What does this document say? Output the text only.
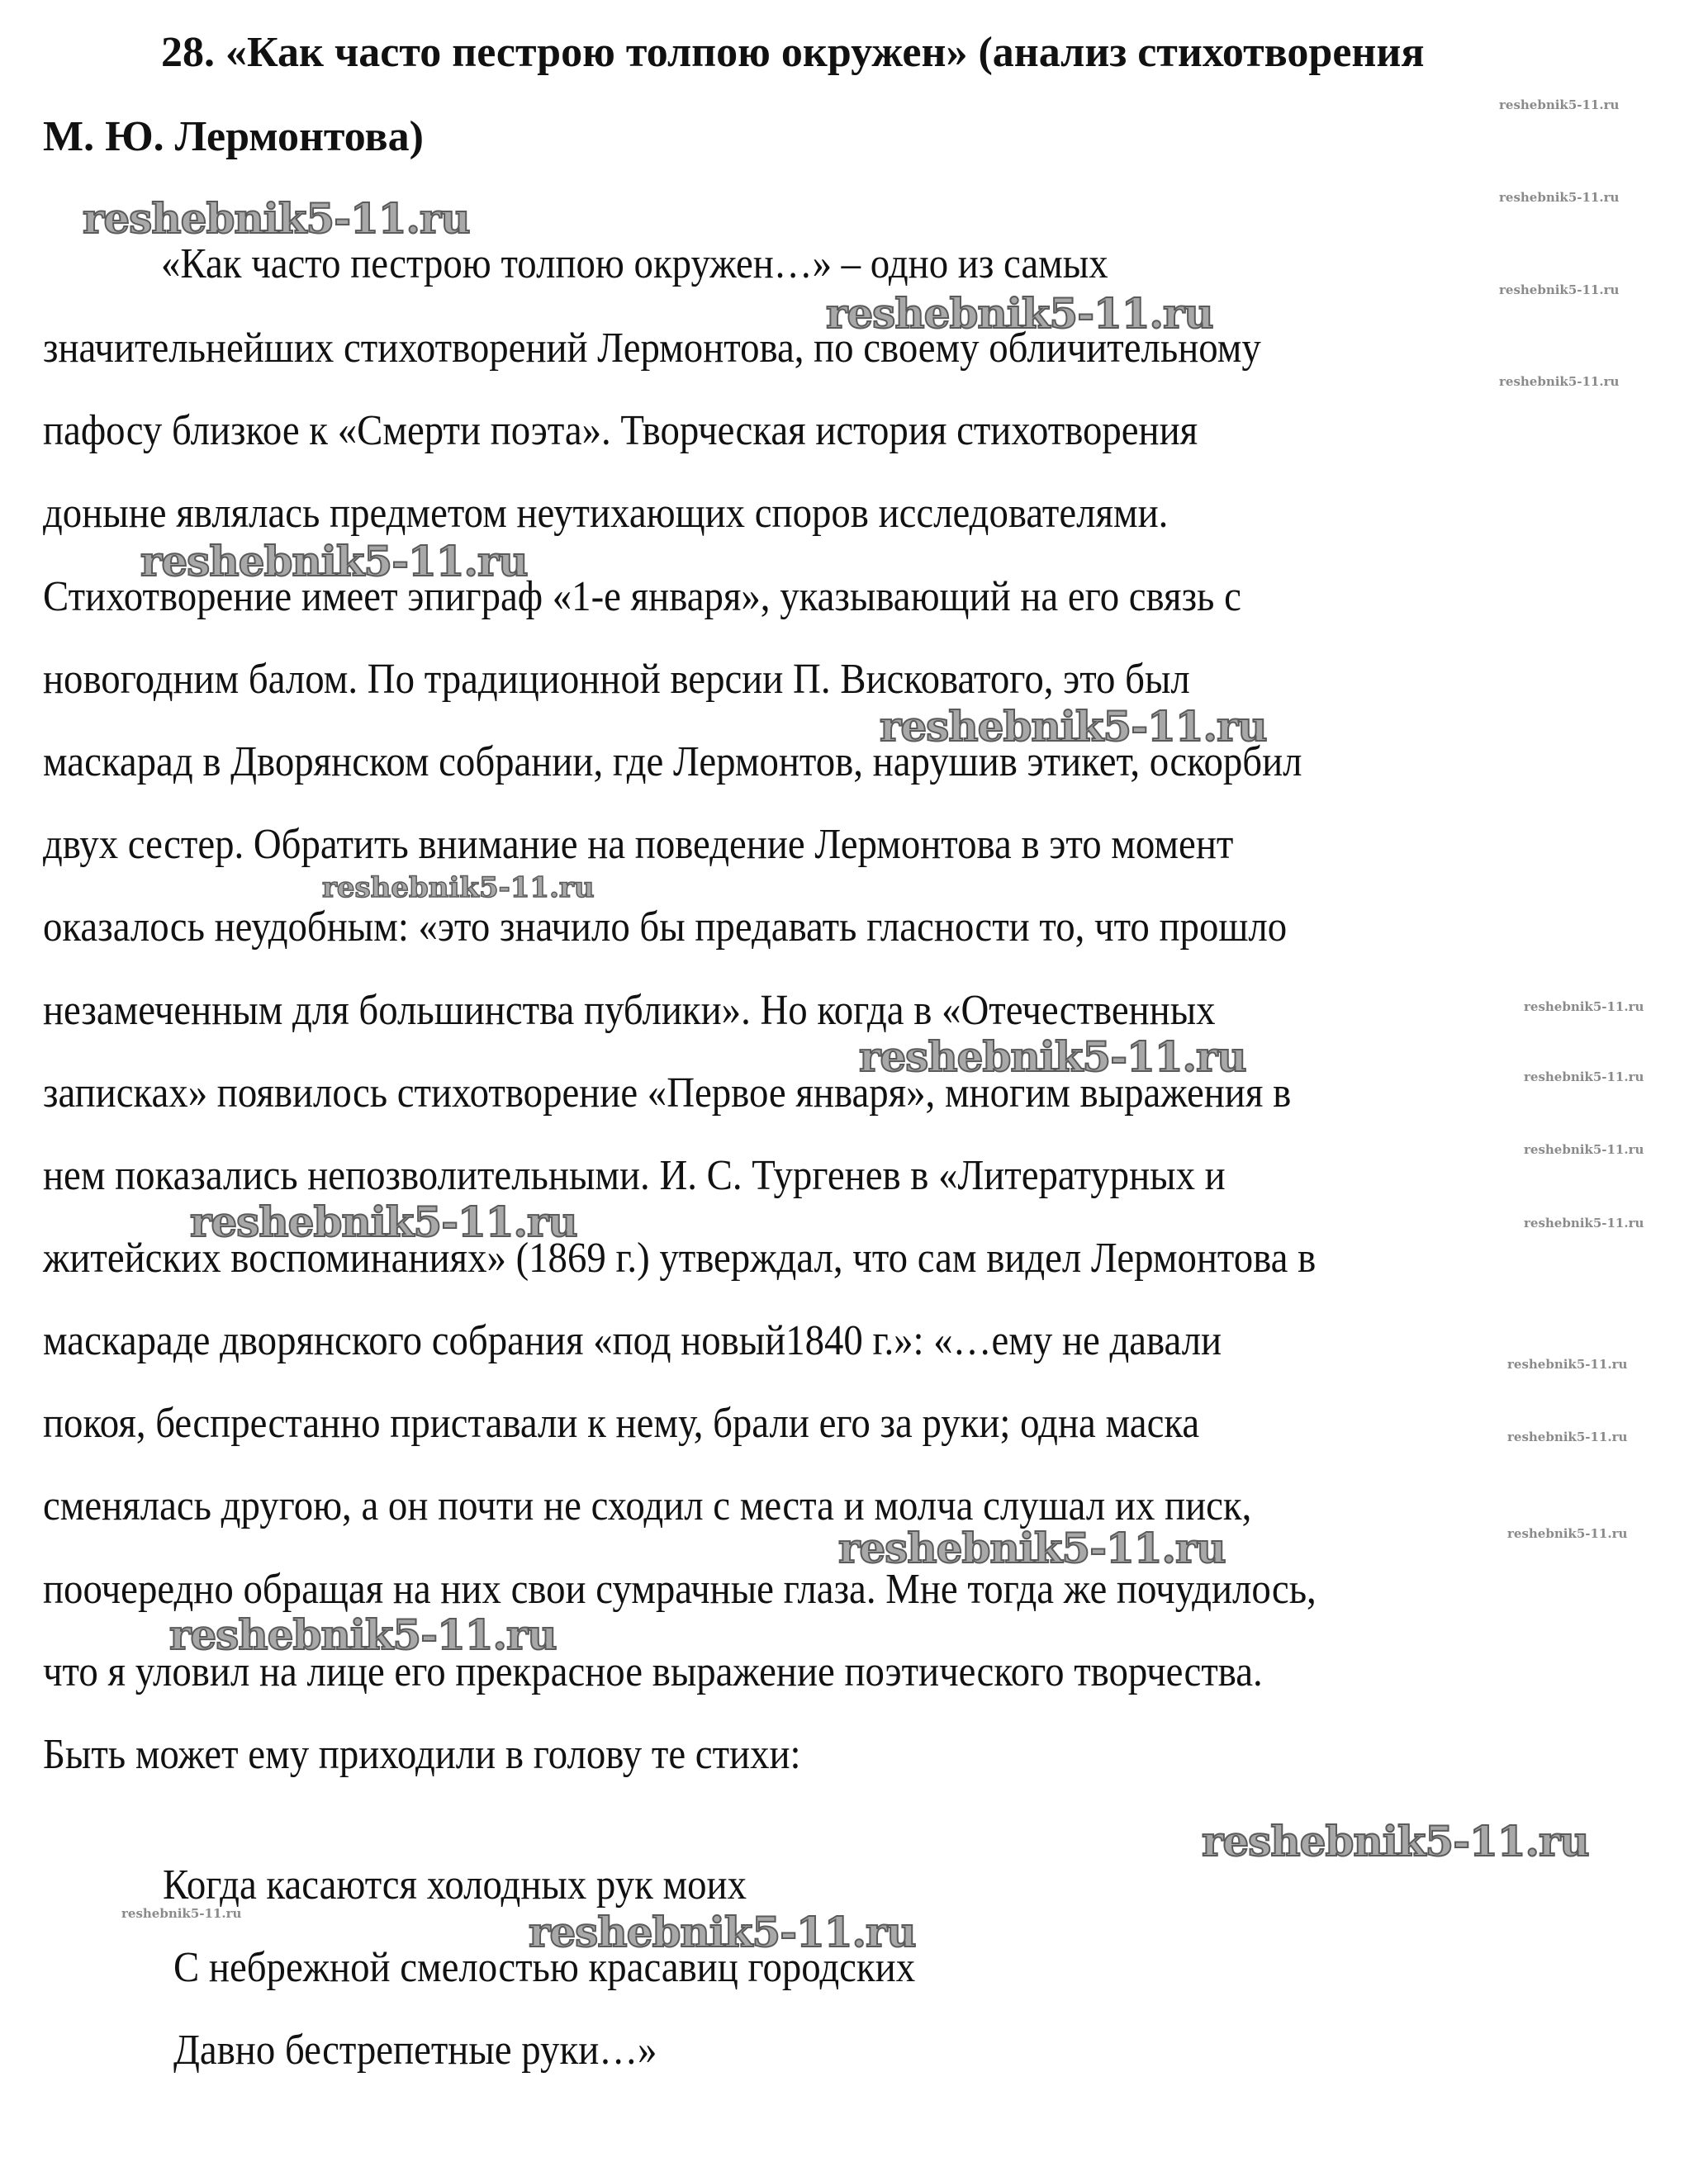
28. «Как часто пестрою толпою окружен» (анализ стихотворения
М. Ю. Лермонтова)

«Как часто пестрою толпою окружен…» – одно из самых

значительнейших стихотворений Лермонтова, по своему обличительному

пафосу близкое к «Смерти поэта». Творческая история стихотворения

доныне являлась предметом неутихающих споров исследователями.

Стихотворение имеет эпиграф «1-е января», указывающий на его связь с

новогодним балом. По традиционной версии П. Висковатого, это был

маскарад в Дворянском собрании, где Лермонтов, нарушив этикет, оскорбил

двух сестер. Обратить внимание на поведение Лермонтова в это момент

оказалось неудобным: «это значило бы предавать гласности то, что прошло

незамеченным для большинства публики». Но когда в «Отечественных

записках» появилось стихотворение «Первое января», многим выражения в

нем показались непозволительными. И. С. Тургенев в «Литературных и

житейских воспоминаниях» (1869 г.) утверждал, что сам видел Лермонтова в

маскараде дворянского собрания «под новый1840 г.»: «…ему не давали

покоя, беспрестанно приставали к нему, брали его за руки; одна маска

сменялась другою, а он почти не сходил с места и молча слушал их писк,

поочередно обращая на них свои сумрачные глаза. Мне тогда же почудилось,

что я уловил на лице его прекрасное выражение поэтического творчества.

Быть может ему приходили в голову те стихи:

Когда касаются холодных рук моих

С небрежной смелостью красавиц городских

Давно бестрепетные руки…»

reshebnik5-11.ru
reshebnik5-11.ru
reshebnik5-11.ru
reshebnik5-11.ru
reshebnik5-11.ru
reshebnik5-11.ru
reshebnik5-11.ru
reshebnik5-11.ru
reshebnik5-11.ru
reshebnik5-11.ru
reshebnik5-11.ru
reshebnik5-11.ru
reshebnik5-11.ru
reshebnik5-11.ru
reshebnik5-11.ru
reshebnik5-11.ru
reshebnik5-11.ru
reshebnik5-11.ru
reshebnik5-11.ru
reshebnik5-11.ru
reshebnik5-11.ru
reshebnik5-11.ru
reshebnik5-11.ru
